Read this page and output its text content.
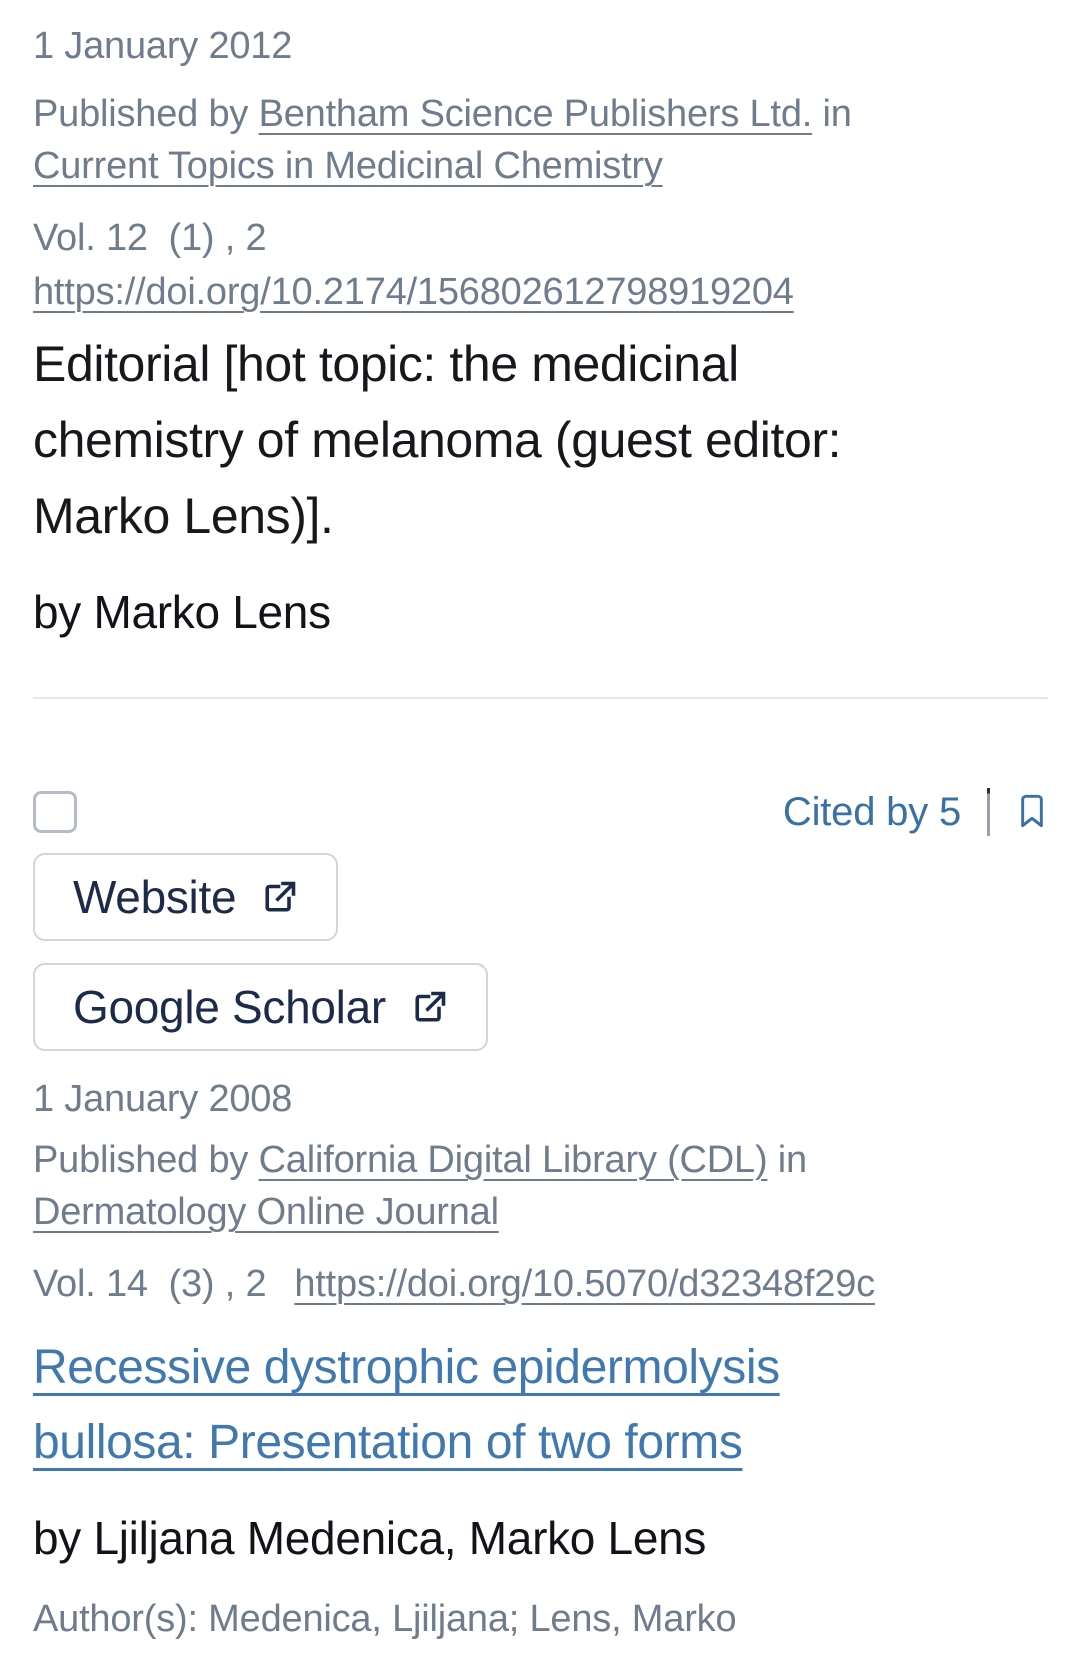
1 January 2012

Published by Bentham Science Publishers Ltd. in
Current Topics in Medicinal Chemistry

Vol. 12  (1) , 2

https://doi.org/10.2174/156802612798919204

Editorial [hot topic: the medicinal chemistry of melanoma (guest editor: Marko Lens)].

by Marko Lens

Cited by 5
Website
Google Scholar

1 January 2008

Published by California Digital Library (CDL) in
Dermatology Online Journal

Vol. 14  (3) , 2 https://doi.org/10.5070/d32348f29c

Recessive dystrophic epidermolysis bullosa: Presentation of two forms

by Ljiljana Medenica, Marko Lens

Author(s): Medenica, Ljiljana; Lens, Marko
